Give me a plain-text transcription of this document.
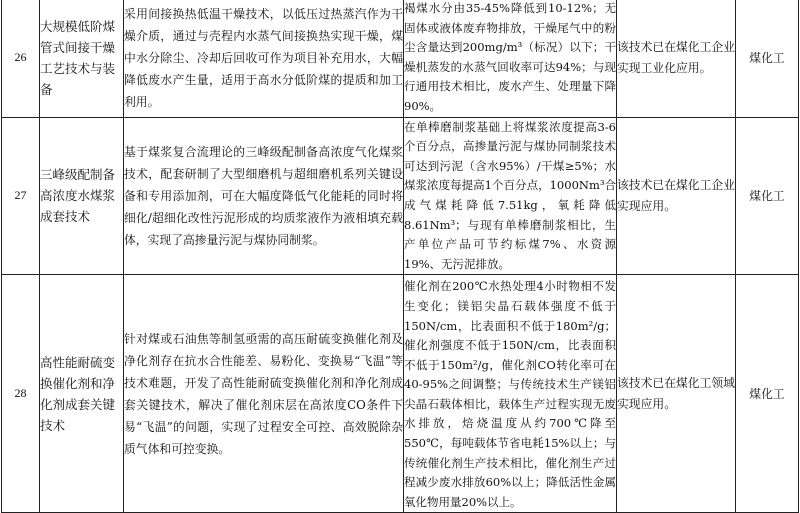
26	大规模低阶煤管式间接干燥工艺技术与装备	采用间接换热低温干燥技术，以低压过热蒸汽作为干燥介质，通过与壳程内水蒸气间接换热实现干燥，煤中水分除尘、冷却后回收可作为项目补充用水，大幅降低废水产生量，适用于高水分低阶煤的提质和加工利用。	褐煤水分由35-45%降低到10-12%；无固体或液体废弃物排放，干燥尾气中的粉尘含量达到200mg/m³（标况）以下；干燥机蒸发的水蒸气回收率可达94%；与现行通用技术相比，废水产生、处理量下降90%。	该技术已在煤化工企业实现工业化应用。	煤化工
27	三峰级配制备高浓度水煤浆成套技术	基于煤浆复合流理论的三峰级配制备高浓度气化煤浆技术，配套研制了大型细磨机与超细磨机系列关键设备和专用添加剂，可在大幅度降低气化能耗的同时将细化/超细化改性污泥形成的均质浆液作为液相填充载体，实现了高掺量污泥与煤协同制浆。	在单棒磨制浆基础上将煤浆浓度提高3-6个百分点，高掺量污泥与煤协同制浆技术可达到污泥（含水95%）/干煤≥5%；水煤浆浓度每提高1个百分点，1000Nm³合成气煤耗降低7.51kg，氧耗降低8.61Nm³；与现有单棒磨制浆相比，生产单位产品可节约标煤7%、水资源19%、无污泥排放。	该技术已在煤化工企业实现应用。	煤化工
28	高性能耐硫变换催化剂和净化剂成套关键技术	针对煤或石油焦等制氢亟需的高压耐硫变换催化剂及净化剂存在抗水合性能差、易粉化、变换易“飞温”等技术难题，开发了高性能耐硫变换催化剂和净化剂成套关键技术，解决了催化剂床层在高浓度CO条件下易“飞温”的问题，实现了过程安全可控、高效脱除杂质气体和可控变换。	催化剂在200℃水热处理4小时物相不发生变化；镁铝尖晶石载体强度不低于150N/cm，比表面积不低于180m²/g；催化剂强度不低于150N/cm，比表面积不低于150m²/g，催化剂CO转化率可在40-95%之间调整；与传统技术生产镁铝尖晶石载体相比，载体生产过程实现无废水排放，焙烧温度从约700℃降至550℃，每吨载体节省电耗15%以上；与传统催化剂生产技术相比，催化剂生产过程减少废水排放60%以上；降低活性金属氧化物用量20%以上。	该技术已在煤化工领域实现应用。	煤化工
